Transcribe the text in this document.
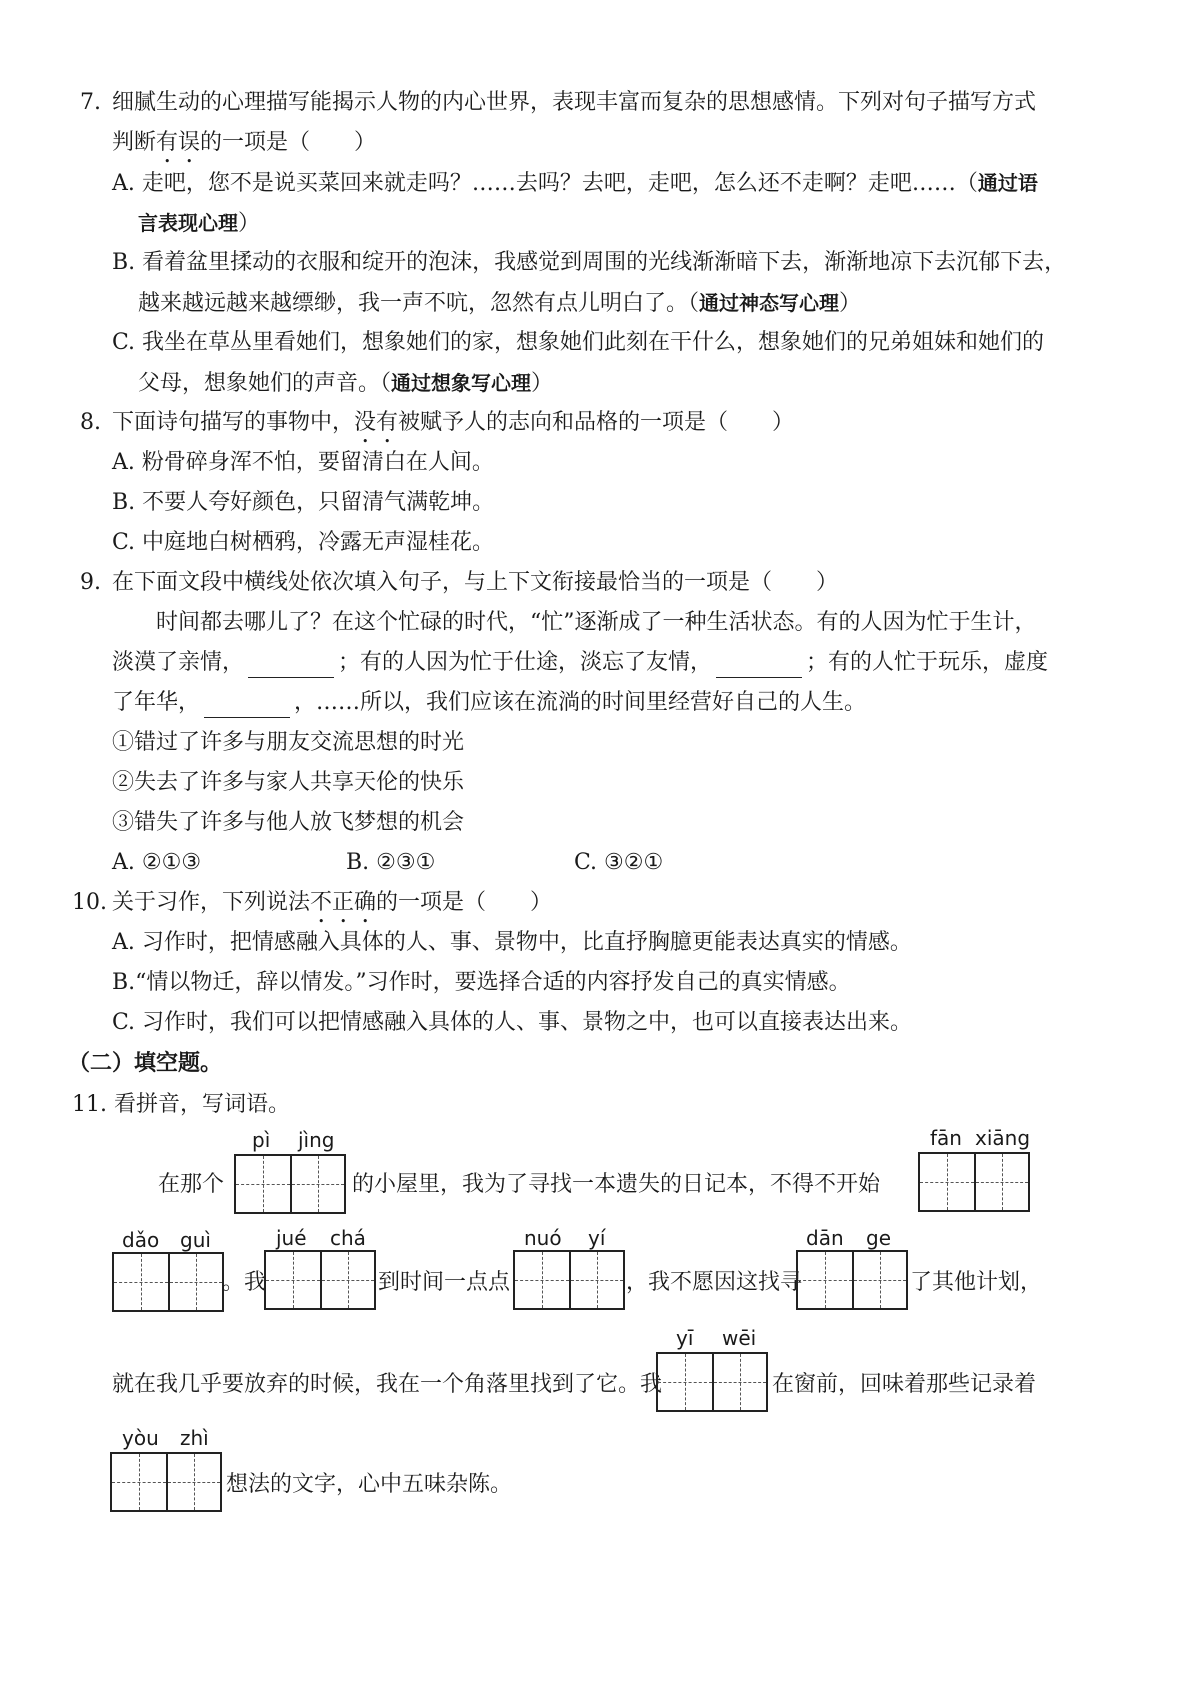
7. 细腻生动的心理描写能揭示人物的内心世界，表现丰富而复杂的思想感情。下列对句子描写方式
判断有误的一项是（　　）
A. 走吧，您不是说买菜回来就走吗？……去吗？去吧，走吧，怎么还不走啊？走吧……（通过语
言表现心理）
B. 看着盆里揉动的衣服和绽开的泡沫，我感觉到周围的光线渐渐暗下去，渐渐地凉下去沉郁下去，
越来越远越来越缥缈，我一声不吭，忽然有点儿明白了。（通过神态写心理）
C. 我坐在草丛里看她们，想象她们的家，想象她们此刻在干什么，想象她们的兄弟姐妹和她们的
父母，想象她们的声音。（通过想象写心理）
8. 下面诗句描写的事物中，没有被赋予人的志向和品格的一项是（　　）
A. 粉骨碎身浑不怕，要留清白在人间。
B. 不要人夸好颜色，只留清气满乾坤。
C. 中庭地白树栖鸦，冷露无声湿桂花。
9. 在下面文段中横线处依次填入句子，与上下文衔接最恰当的一项是（　　）
时间都去哪儿了？在这个忙碌的时代，“忙”逐渐成了一种生活状态。有的人因为忙于生计，
淡漠了亲情，	；有的人因为忙于仕途，淡忘了友情，	；有的人忙于玩乐，虚度
了年华，	，……所以，我们应该在流淌的时间里经营好自己的人生。
①错过了许多与朋友交流思想的时光
②失去了许多与家人共享天伦的快乐
③错失了许多与他人放飞梦想的机会
A. ②①③	B. ②③①	C. ③②①
10. 关于习作，下列说法不正确的一项是（　　）
A. 习作时，把情感融入具体的人、事、景物中，比直抒胸臆更能表达真实的情感。
B.“情以物迁，辞以情发。”习作时，要选择合适的内容抒发自己的真实情感。
C. 习作时，我们可以把情感融入具体的人、事、景物之中，也可以直接表达出来。
（二）填空题。
11. 看拼音，写词语。
pì jìng	fān xiāng
在那个	的小屋里，我为了寻找一本遗失的日记本，不得不开始
dǎo guì	jué chá	nuó yí	dān ge
。我	到时间一点点	，我不愿因这找寻	了其他计划，
yī wēi
就在我几乎要放弃的时候，我在一个角落里找到了它。我	在窗前，回味着那些记录着
yòu zhì
想法的文字，心中五味杂陈。
